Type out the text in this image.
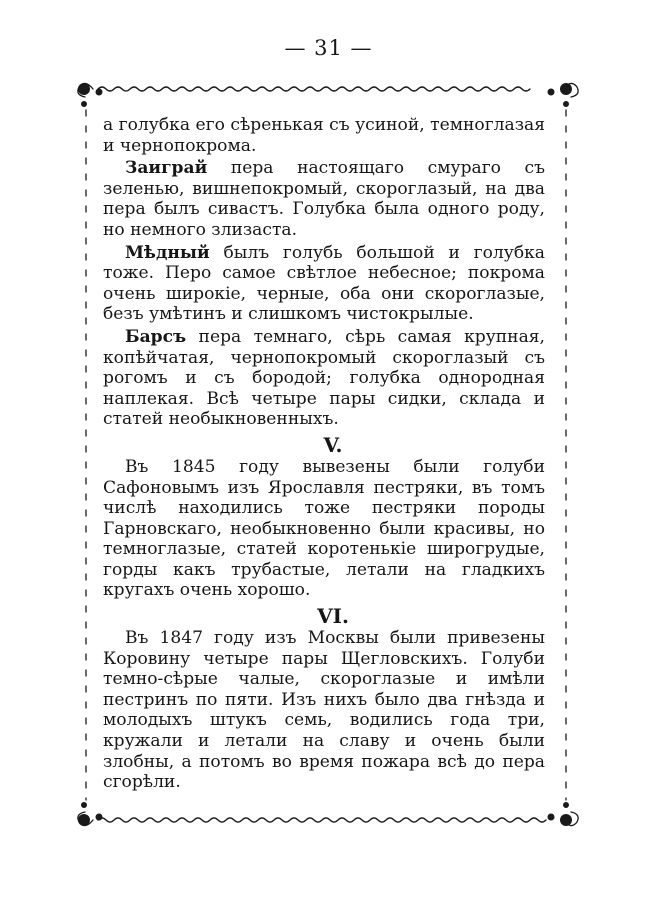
— 31 —

а голубка его сѣренькая съ усиной, темноглазая и чернопокрома.

Заиграй пера настоящаго смураго съ зеленью, вишнепокромый, скороглазый, на два пера былъ сивастъ. Голубка была одного роду, но немного злизаста.

Мѣдный былъ голубь большой и голубка тоже. Перо самое свѣтлое небесное; покрома очень широкіе, черные, оба они скороглазые, безъ умѣтинъ и слишкомъ чистокрылые.

Барсъ пера темнаго, сѣрь самая крупная, копѣйчатая, чернопокромый скороглазый съ рогомъ и съ бородой; голубка однородная наплекая. Всѣ четыре пары сидки, склада и статей необыкновенныхъ.

V.

Въ 1845 году вывезены были голуби Сафоновымъ изъ Ярославля пестряки, въ томъ числѣ находились тоже пестряки породы Гарновскаго, необыкновенно были красивы, но темноглазые, статей коротенькіе широгрудые, горды какъ трубастые, летали на гладкихъ кругахъ очень хорошо.

VI.

Въ 1847 году изъ Москвы были привезены Коровину четыре пары Щегловскихъ. Голуби темно-сѣрые чалые, скороглазые и имѣли пестринъ по пяти. Изъ нихъ было два гнѣзда и молодыхъ штукъ семь, водились года три, кружали и летали на славу и очень были злобны, а потомъ во время пожара всѣ до пера сгорѣли.
